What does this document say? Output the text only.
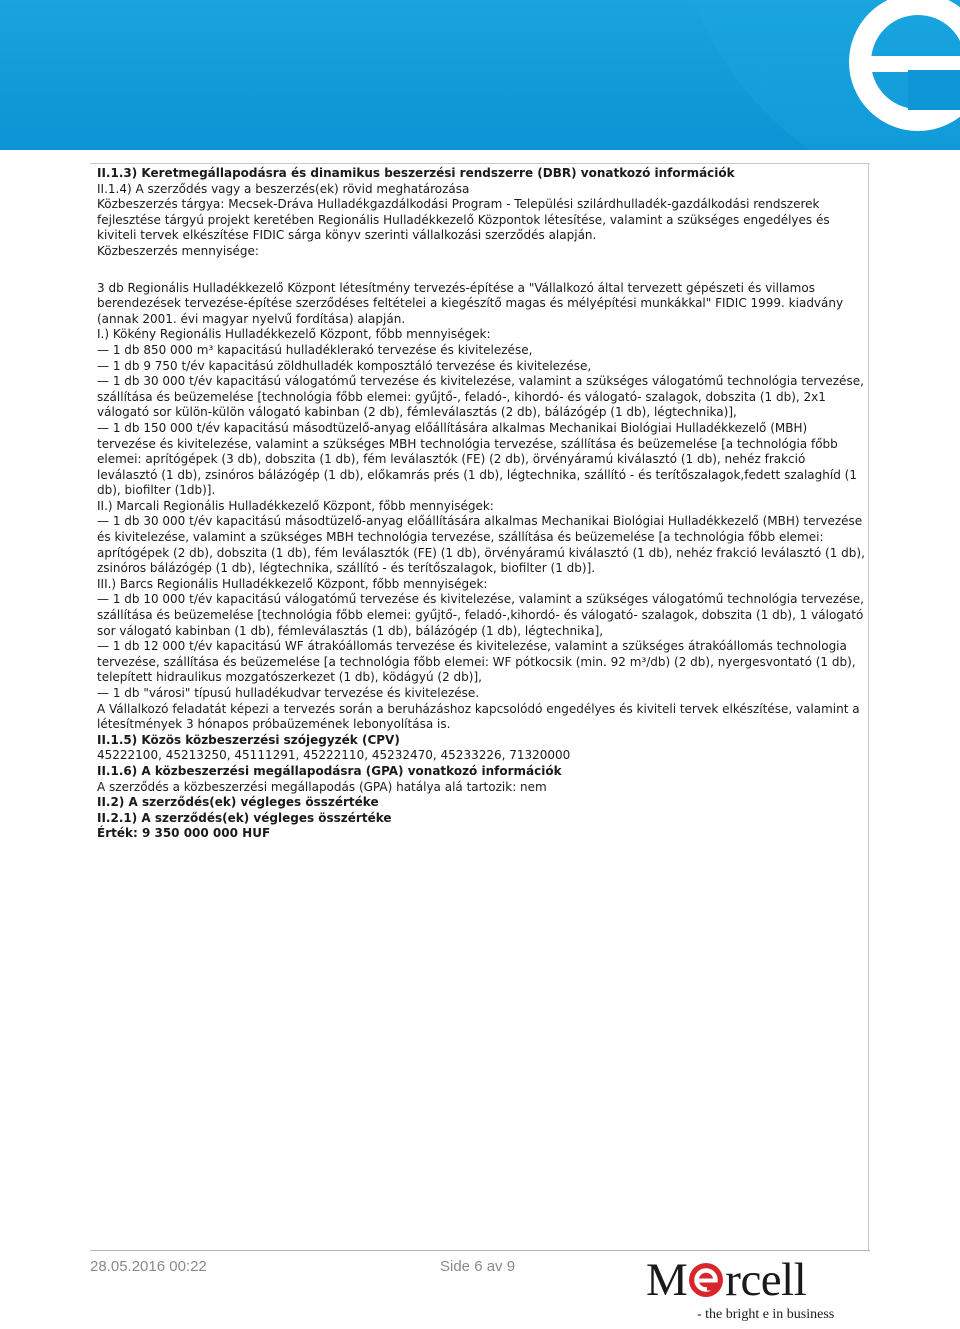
II.1.3) Keretmegállapodásra és dinamikus beszerzési rendszerre (DBR) vonatkozó információk

II.1.4) A szerződés vagy a beszerzés(ek) rövid meghatározása

Közbeszerzés tárgya: Mecsek-Dráva Hulladékgazdálkodási Program - Települési szilárdhulladék-gazdálkodási rendszerek fejlesztése tárgyú projekt keretében Regionális Hulladékkezelő Központok létesítése, valamint a szükséges engedélyes és kiviteli tervek elkészítése FIDIC sárga könyv szerinti vállalkozási szerződés alapján.

Közbeszerzés mennyisége:

3 db Regionális Hulladékkezelő Központ létesítmény tervezés-építése a "Vállalkozó által tervezett gépészeti és villamos berendezések tervezése-építése szerződéses feltételei a kiegészítő magas és mélyépítési munkákkal" FIDIC 1999. kiadvány (annak 2001. évi magyar nyelvű fordítása) alapján.

I.) Kökény Regionális Hulladékkezelő Központ, főbb mennyiségek:

— 1 db 850 000 m³ kapacitású hulladéklerakó tervezése és kivitelezése,

— 1 db 9 750 t/év kapacitású zöldhulladék komposztáló tervezése és kivitelezése,

— 1 db 30 000 t/év kapacitású válogatómű tervezése és kivitelezése, valamint a szükséges válogatómű technológia tervezése, szállítása és beüzemelése [technológia főbb elemei: gyűjtő-, feladó-, kihordó- és válogató- szalagok, dobszita (1 db), 2x1 válogató sor külön-külön válogató kabinban (2 db), fémleválasztás (2 db), bálázógép (1 db), légtechnika)],

— 1 db 150 000 t/év kapacitású másodtüzelő-anyag előállítására alkalmas Mechanikai Biológiai Hulladékkezelő (MBH) tervezése és kivitelezése, valamint a szükséges MBH technológia tervezése, szállítása és beüzemelése [a technológia főbb elemei: aprítógépek (3 db), dobszita (1 db), fém leválasztók (FE) (2 db), örvényáramú kiválasztó (1 db), nehéz frakció leválasztó (1 db), zsinóros bálázógép (1 db), előkamrás prés (1 db), légtechnika, szállító - és terítőszalagok,fedett szalaghíd (1 db), biofilter (1db)].

II.) Marcali Regionális Hulladékkezelő Központ, főbb mennyiségek:

— 1 db 30 000 t/év kapacitású másodtüzelő-anyag előállítására alkalmas Mechanikai Biológiai Hulladékkezelő (MBH) tervezése és kivitelezése, valamint a szükséges MBH technológia tervezése, szállítása és beüzemelése [a technológia főbb elemei: aprítógépek (2 db), dobszita (1 db), fém leválasztók (FE) (1 db), örvényáramú kiválasztó (1 db), nehéz frakció leválasztó (1 db), zsinóros bálázógép (1 db), légtechnika, szállító - és terítőszalagok, biofilter (1 db)].

III.) Barcs Regionális Hulladékkezelő Központ, főbb mennyiségek:

— 1 db 10 000 t/év kapacitású válogatómű tervezése és kivitelezése, valamint a szükséges válogatómű technológia tervezése, szállítása és beüzemelése [technológia főbb elemei: gyűjtő-, feladó-,kihordó- és válogató- szalagok, dobszita (1 db), 1 válogató sor válogató kabinban (1 db), fémleválasztás (1 db), bálázógép (1 db), légtechnika],

— 1 db 12 000 t/év kapacitású WF átrakóállomás tervezése és kivitelezése, valamint a szükséges átrakóállomás technologia tervezése, szállítása és beüzemelése [a technológia főbb elemei: WF pótkocsik (min. 92 m³/db) (2 db), nyergesvontató (1 db), telepített hidraulikus mozgatószerkezet (1 db), ködágyú (2 db)],

— 1 db "városi" típusú hulladékudvar tervezése és kivitelezése.

A Vállalkozó feladatát képezi a tervezés során a beruházáshoz kapcsolódó engedélyes és kiviteli tervek elkészítése, valamint a létesítmények 3 hónapos próbaüzemének lebonyolítása is.

II.1.5) Közös közbeszerzési szójegyzék (CPV)

45222100, 45213250, 45111291, 45222110, 45232470, 45233226, 71320000

II.1.6) A közbeszerzési megállapodásra (GPA) vonatkozó információk

A szerződés a közbeszerzési megállapodás (GPA) hatálya alá tartozik: nem

II.2) A szerződés(ek) végleges összértéke

II.2.1) A szerződés(ek) végleges összértéke

Érték: 9 350 000 000 HUF

28.05.2016 00:22	Side 6 av 9	M rcell
- the bright e in business
